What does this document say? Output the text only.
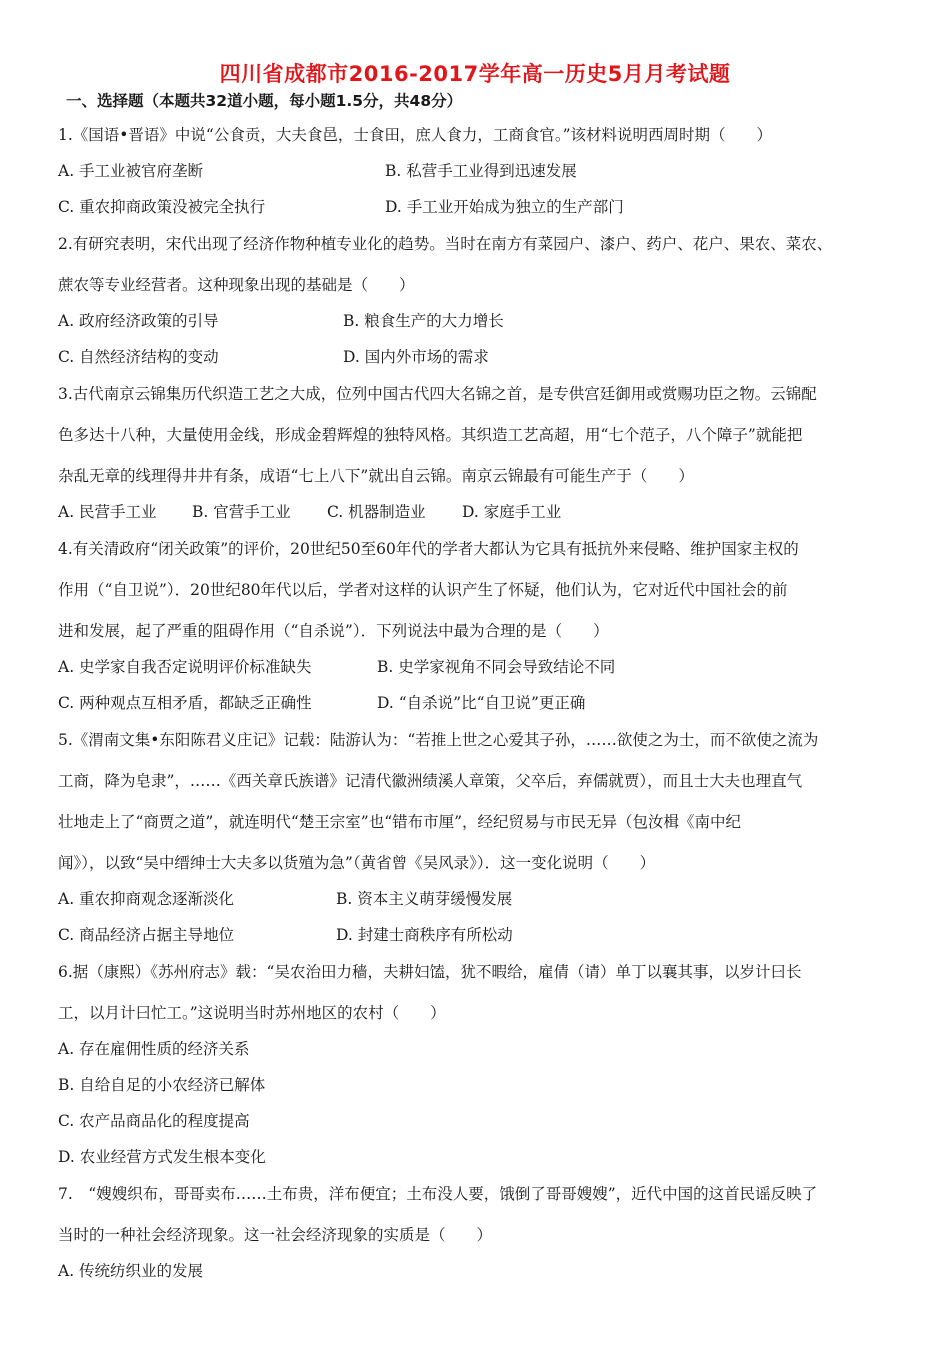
四川省成都市2016-2017学年高一历史5月月考试题
一、选择题（本题共32道小题，每小题1.5分，共48分）
1.《国语•晋语》中说“公食贡，大夫食邑，士食田，庶人食力，工商食官。”该材料说明西周时期（　　）
A. 手工业被官府垄断	B. 私营手工业得到迅速发展
C. 重农抑商政策没被完全执行	D. 手工业开始成为独立的生产部门
2.有研究表明，宋代出现了经济作物种植专业化的趋势。当时在南方有菜园户、漆户、药户、花户、果农、菜农、
蔗农等专业经营者。这种现象出现的基础是（　　）
A. 政府经济政策的引导	B. 粮食生产的大力增长
C. 自然经济结构的变动	D. 国内外市场的需求
3.古代南京云锦集历代织造工艺之大成，位列中国古代四大名锦之首，是专供宫廷御用或赏赐功臣之物。云锦配
色多达十八种，大量使用金线，形成金碧辉煌的独特风格。其织造工艺高超，用“七个范子，八个障子”就能把
杂乱无章的线理得井井有条，成语“七上八下”就出自云锦。南京云锦最有可能生产于（　　）
A. 民营手工业 B. 官营手工业 C. 机器制造业 D. 家庭手工业
4.有关清政府“闭关政策”的评价，20世纪50至60年代的学者大都认为它具有抵抗外来侵略、维护国家主权的
作用（“自卫说”）．20世纪80年代以后，学者对这样的认识产生了怀疑，他们认为，它对近代中国社会的前
进和发展，起了严重的阻碍作用（“自杀说”）．下列说法中最为合理的是（　　）
A. 史学家自我否定说明评价标准缺失	B. 史学家视角不同会导致结论不同
C. 两种观点互相矛盾，都缺乏正确性	D. “自杀说”比“自卫说”更正确
5.《渭南文集•东阳陈君义庄记》记载：陆游认为：“若推上世之心爱其子孙，……欲使之为士，而不欲使之流为
工商，降为皂隶”，……《西关章氏族谱》记清代徽洲绩溪人章策，父卒后，弃儒就贾），而且士大夫也理直气
壮地走上了“商贾之道”，就连明代“楚王宗室”也“错布市厘”，经纪贸易与市民无异（包汝楫《南中纪
闻》），以致“吴中缙绅士大夫多以货殖为急”（黄省曾《吴风录》）．这一变化说明（　　）
A. 重农抑商观念逐渐淡化	B. 资本主义萌芽缓慢发展
C. 商品经济占据主导地位	D. 封建士商秩序有所松动
6.据（康熙）《苏州府志》载：“吴农治田力穑，夫耕妇馌，犹不暇给，雇倩（请）单丁以襄其事，以岁计曰长
工，以月计曰忙工。”这说明当时苏州地区的农村（　　）
A. 存在雇佣性质的经济关系
B. 自给自足的小农经济已解体
C. 农产品商品化的程度提高
D. 农业经营方式发生根本变化
7.　“嫂嫂织布，哥哥卖布……土布贵，洋布便宜；土布没人要，饿倒了哥哥嫂嫂”，近代中国的这首民谣反映了
当时的一种社会经济现象。这一社会经济现象的实质是（　　）
A. 传统纺织业的发展
